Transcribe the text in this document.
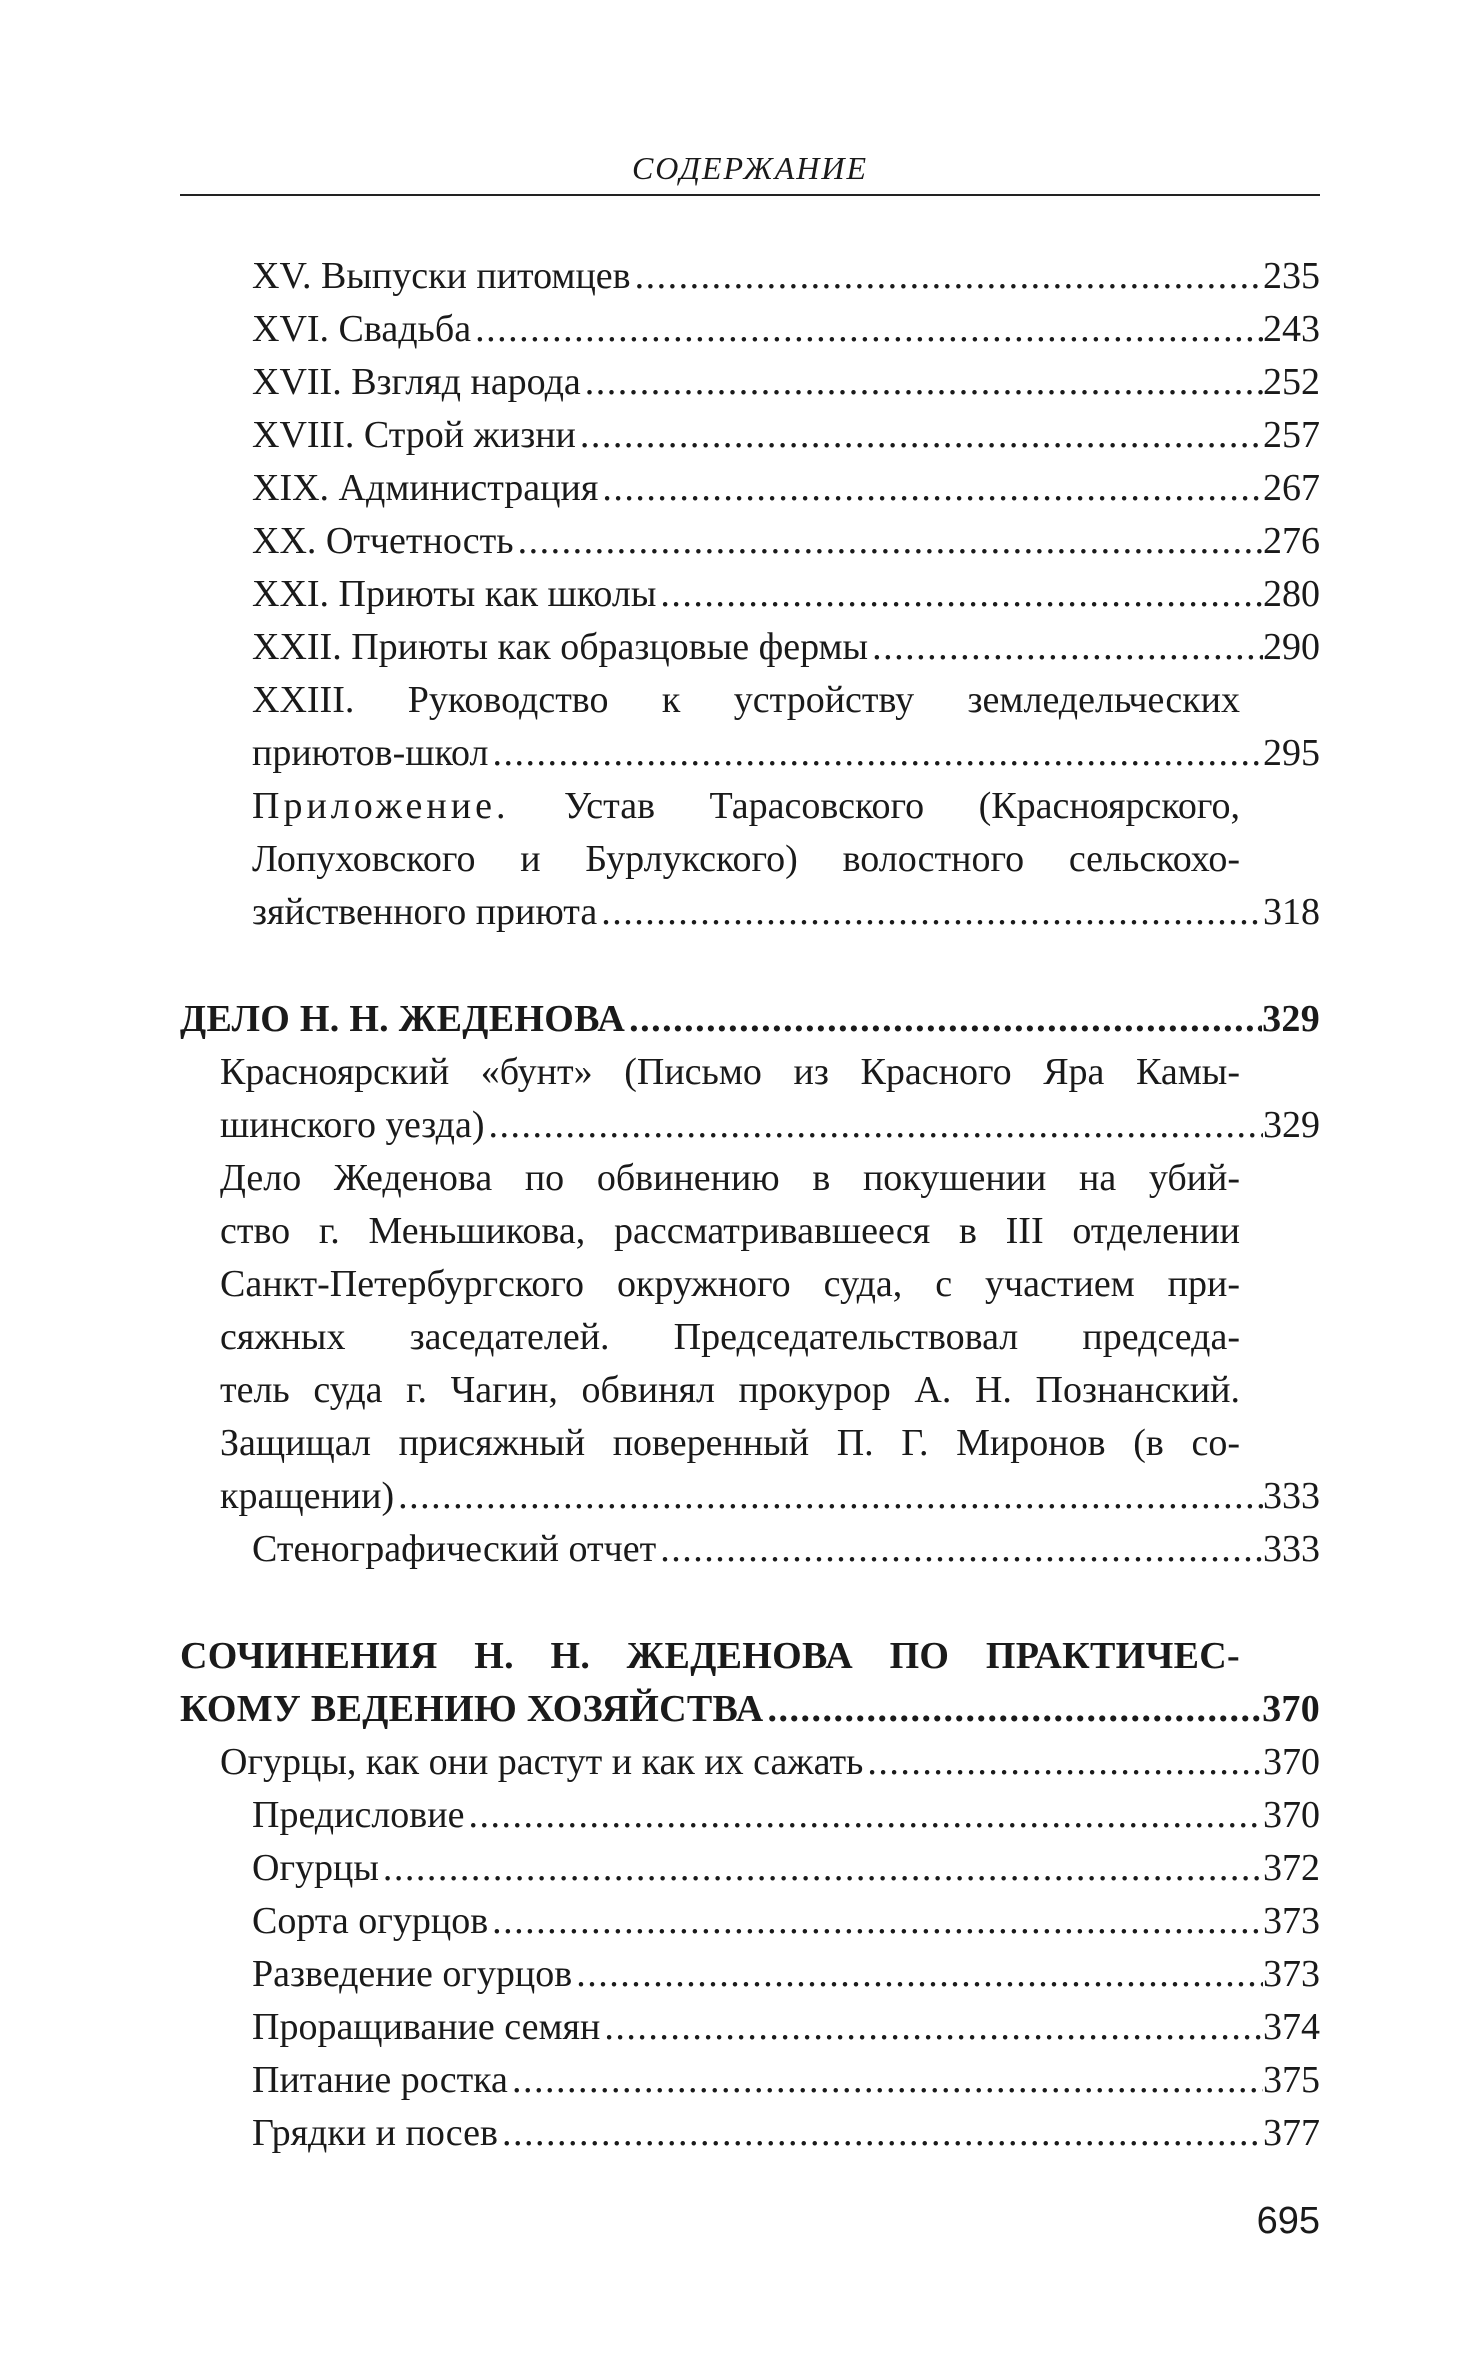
СОДЕРЖАНИЕ
XV. Выпуски питомцев . . .	235
XVI. Свадьба . . .	243
XVII. Взгляд народа . . .	252
XVIII. Строй жизни . . .	257
XIX. Администрация . . .	267
XX. Отчетность . . .	276
XXI. Приюты как школы . . .	280
XXII. Приюты как образцовые фермы . . .	290
XXIII. Руководство к устройству земледельческих
приютов-школ . . .	295
Приложение. Устав Тарасовского (Красноярского,
Лопуховского и Бурлукского) волостного сельскохо-
зяйственного приюта . . .	318
ДЕЛО Н. Н. ЖЕДЕНОВА . . .	329
Красноярский «бунт» (Письмо из Красного Яра Камы-
шинского уезда) . . .	329
Дело Жеденова по обвинению в покушении на убий-
ство г. Меньшикова, рассматривавшееся в III отделении
Санкт-Петербургского окружного суда, с участием при-
сяжных заседателей. Председательствовал председа-
тель суда г. Чагин, обвинял прокурор А. Н. Познанский.
Защищал присяжный поверенный П. Г. Миронов (в со-
кращении) . . .	333
Стенографический отчет . . .	333
СОЧИНЕНИЯ Н. Н. ЖЕДЕНОВА ПО ПРАКТИЧЕС-
КОМУ ВЕДЕНИЮ ХОЗЯЙСТВА . . .	370
Огурцы, как они растут и как их сажать . . .	370
Предисловие . . .	370
Огурцы . . .	372
Сорта огурцов . . .	373
Разведение огурцов . . .	373
Проращивание семян . . .	374
Питание ростка . . .	375
Грядки и посев . . .	377
695
